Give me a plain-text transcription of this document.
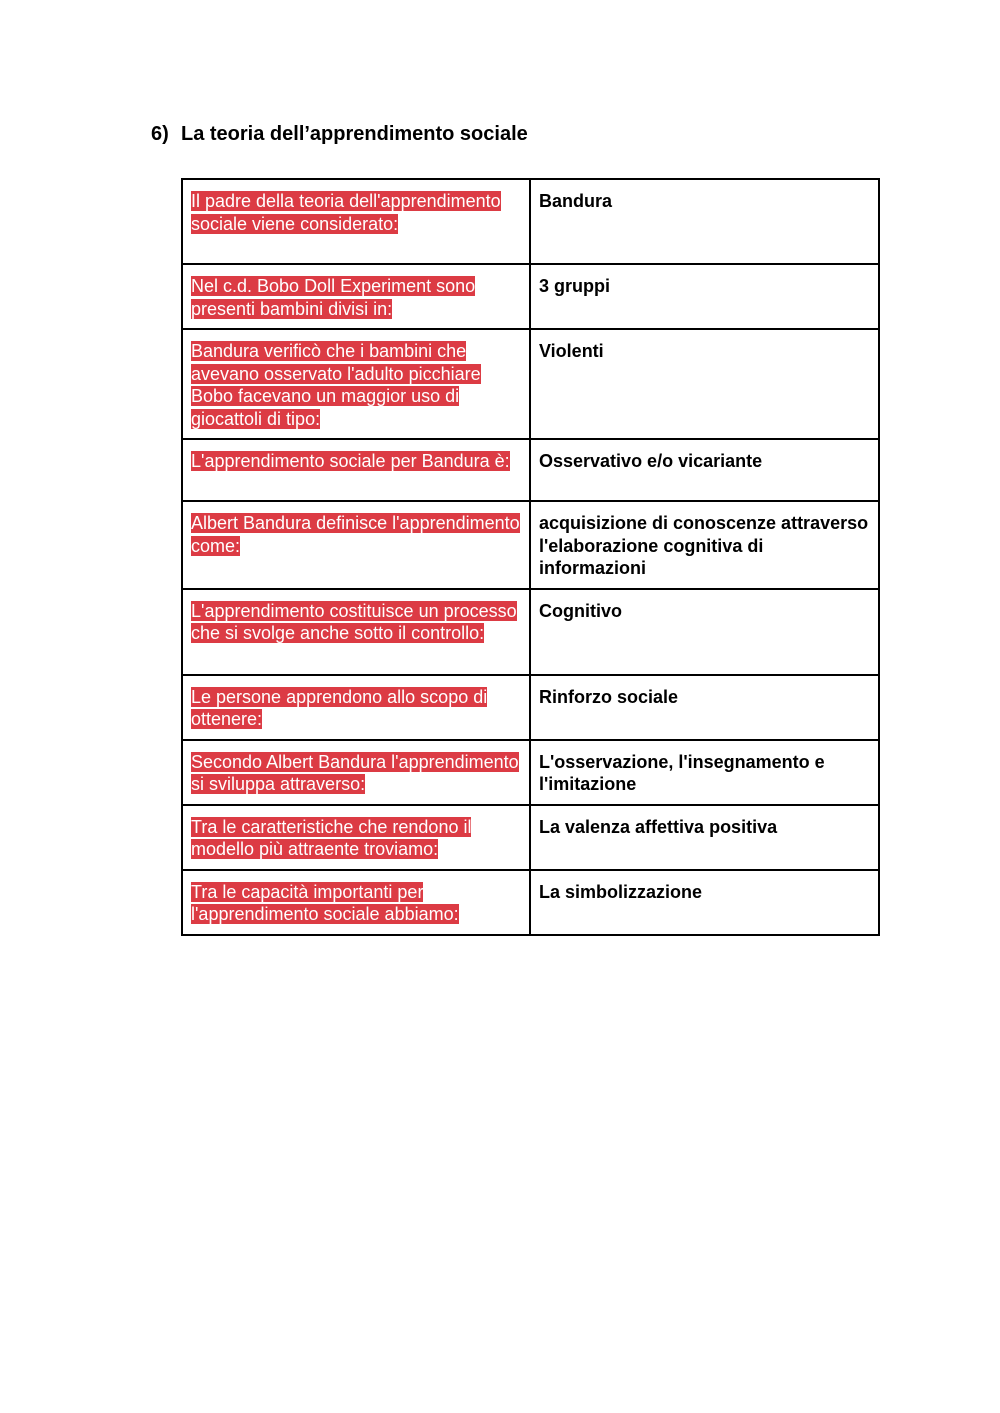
6) La teoria dell’apprendimento sociale
Il padre della teoria dell'apprendimento sociale viene considerato:	Bandura
Nel c.d. Bobo Doll Experiment sono presenti bambini divisi in:	3 gruppi
Bandura verificò che i bambini che avevano osservato l'adulto picchiare Bobo facevano un maggior uso di giocattoli di tipo:	Violenti
L'apprendimento sociale per Bandura è:	Osservativo e/o vicariante
Albert Bandura definisce l'apprendimento come:	acquisizione di conoscenze attraverso l'elaborazione cognitiva di informazioni
L'apprendimento costituisce un processo che si svolge anche sotto il controllo:	Cognitivo
Le persone apprendono allo scopo di ottenere:	Rinforzo sociale
Secondo Albert Bandura l'apprendimento si sviluppa attraverso:	L'osservazione, l'insegnamento e l'imitazione
Tra le caratteristiche che rendono il modello più attraente troviamo:	La valenza affettiva positiva
Tra le capacità importanti per l'apprendimento sociale abbiamo:	La simbolizzazione
